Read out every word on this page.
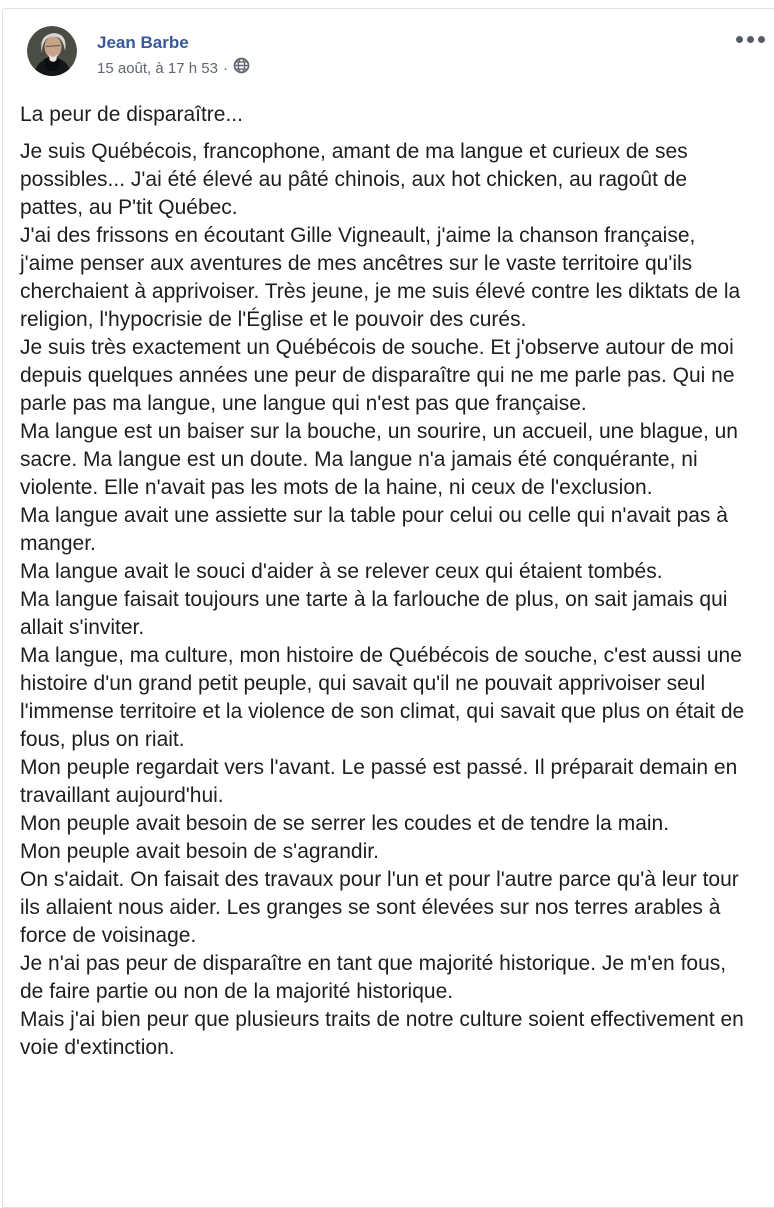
Jean Barbe
15 août, à 17 h 53 ·
La peur de disparaître...
Je suis Québécois, francophone, amant de ma langue et curieux de ses possibles... J'ai été élevé au pâté chinois, aux hot chicken, au ragoût de pattes, au P'tit Québec.
J'ai des frissons en écoutant Gille Vigneault, j'aime la chanson française, j'aime penser aux aventures de mes ancêtres sur le vaste territoire qu'ils cherchaient à apprivoiser. Très jeune, je me suis élevé contre les diktats de la religion, l'hypocrisie de l'Église et le pouvoir des curés.
Je suis très exactement un Québécois de souche. Et j'observe autour de moi depuis quelques années une peur de disparaître qui ne me parle pas. Qui ne parle pas ma langue, une langue qui n'est pas que française.
Ma langue est un baiser sur la bouche, un sourire, un accueil, une blague, un sacre. Ma langue est un doute. Ma langue n'a jamais été conquérante, ni violente. Elle n'avait pas les mots de la haine, ni ceux de l'exclusion.
Ma langue avait une assiette sur la table pour celui ou celle qui n'avait pas à manger.
Ma langue avait le souci d'aider à se relever ceux qui étaient tombés.
Ma langue faisait toujours une tarte à la farlouche de plus, on sait jamais qui allait s'inviter.
Ma langue, ma culture, mon histoire de Québécois de souche, c'est aussi une histoire d'un grand petit peuple, qui savait qu'il ne pouvait apprivoiser seul l'immense territoire et la violence de son climat, qui savait que plus on était de fous, plus on riait.
Mon peuple regardait vers l'avant. Le passé est passé. Il préparait demain en travaillant aujourd'hui.
Mon peuple avait besoin de se serrer les coudes et de tendre la main.
Mon peuple avait besoin de s'agrandir.
On s'aidait. On faisait des travaux pour l'un et pour l'autre parce qu'à leur tour ils allaient nous aider. Les granges se sont élevées sur nos terres arables à force de voisinage.
Je n'ai pas peur de disparaître en tant que majorité historique. Je m'en fous, de faire partie ou non de la majorité historique.
Mais j'ai bien peur que plusieurs traits de notre culture soient effectivement en voie d'extinction.
